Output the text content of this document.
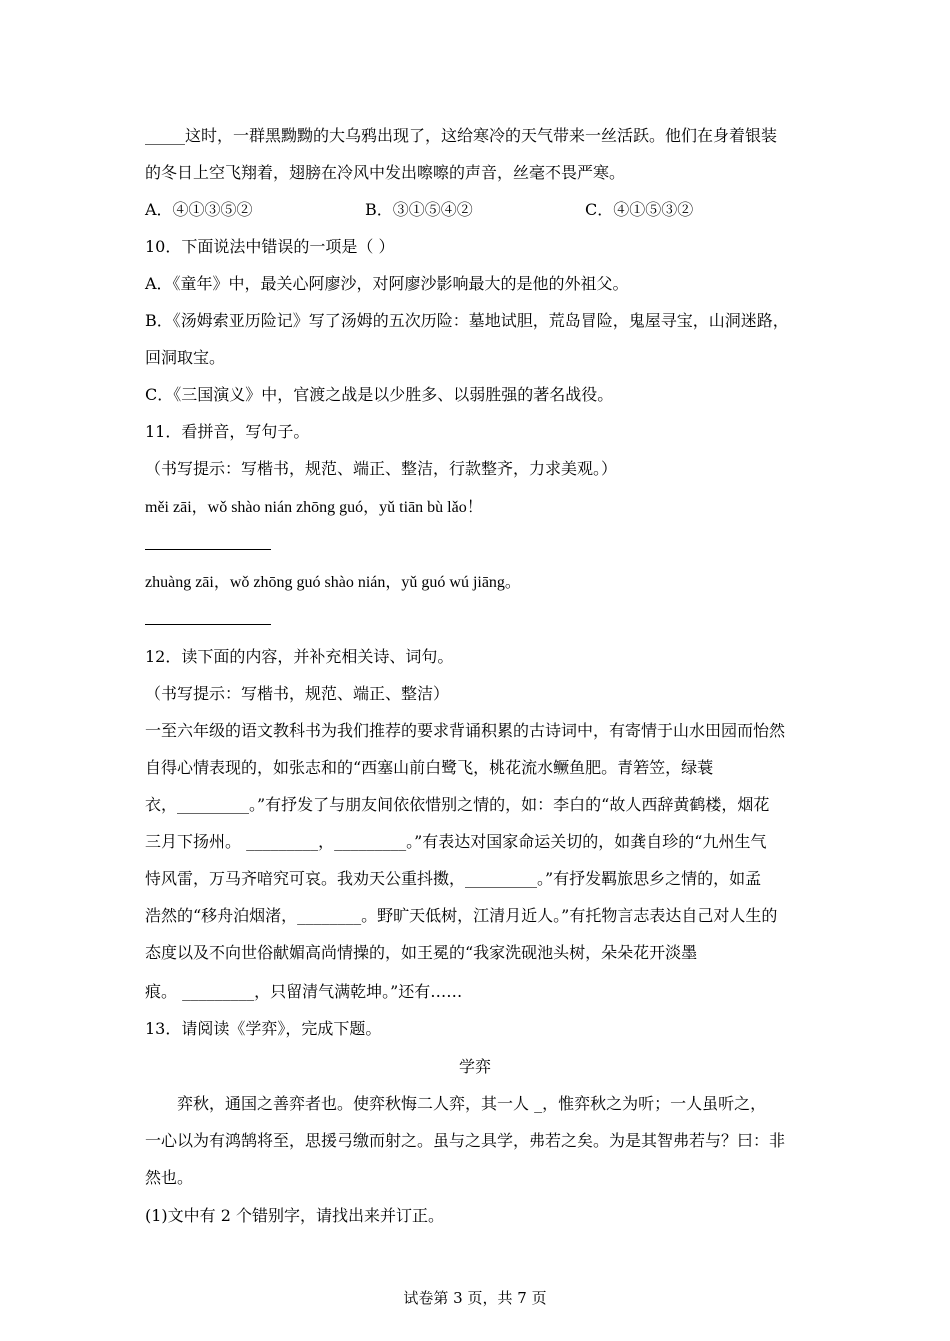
_____这时，一群黑黝黝的大乌鸦出现了，这给寒冷的天气带来一丝活跃。他们在身着银装
的冬日上空飞翔着，翅膀在冷风中发出嚓嚓的声音，丝毫不畏严寒。
A．④①③⑤②	B．③①⑤④②	C．④①⑤③②
10．下面说法中错误的一项是（ ）
A．《童年》中，最关心阿廖沙，对阿廖沙影响最大的是他的外祖父。
B．《汤姆索亚历险记》写了汤姆的五次历险：墓地试胆，荒岛冒险，鬼屋寻宝，山洞迷路，
回洞取宝。
C．《三国演义》中，官渡之战是以少胜多、以弱胜强的著名战役。
11．看拼音，写句子。
（书写提示：写楷书，规范、端正、整洁，行款整齐，力求美观。）
měi zāi，wǒ shào nián zhōng guó，yǔ tiān bù lǎo！
zhuàng zāi，wǒ zhōng guó shào nián，yǔ guó wú jiāng。
12．读下面的内容，并补充相关诗、词句。
（书写提示：写楷书，规范、端正、整洁）
一至六年级的语文教科书为我们推荐的要求背诵积累的古诗词中，有寄情于山水田园而怡然
自得心情表现的，如张志和的“西塞山前白鹭飞，桃花流水鳜鱼肥。青箬笠，绿蓑
衣，_________。”有抒发了与朋友间依依惜别之情的，如：李白的“故人西辞黄鹤楼，烟花
三月下扬州。 _________，_________。”有表达对国家命运关切的，如龚自珍的“九州生气
恃风雷，万马齐喑究可哀。我劝天公重抖擞，_________。”有抒发羁旅思乡之情的，如孟
浩然的“移舟泊烟渚，________。野旷天低树，江清月近人。”有托物言志表达自己对人生的
态度以及不向世俗献媚高尚情操的，如王冕的“我家洗砚池头树，朵朵花开淡墨
痕。 _________，只留清气满乾坤。”还有……
13．请阅读《学弈》，完成下题。
学弈
弈秋，通国之善弈者也。使弈秋悔二人弈，其一人 _，惟弈秋之为听；一人虽听之，
一心以为有鸿鹄将至，思援弓缴而射之。虽与之具学，弗若之矣。为是其智弗若与？曰：非
然也。
(1)文中有 2 个错别字，请找出来并订正。
试卷第 3 页，共 7 页
